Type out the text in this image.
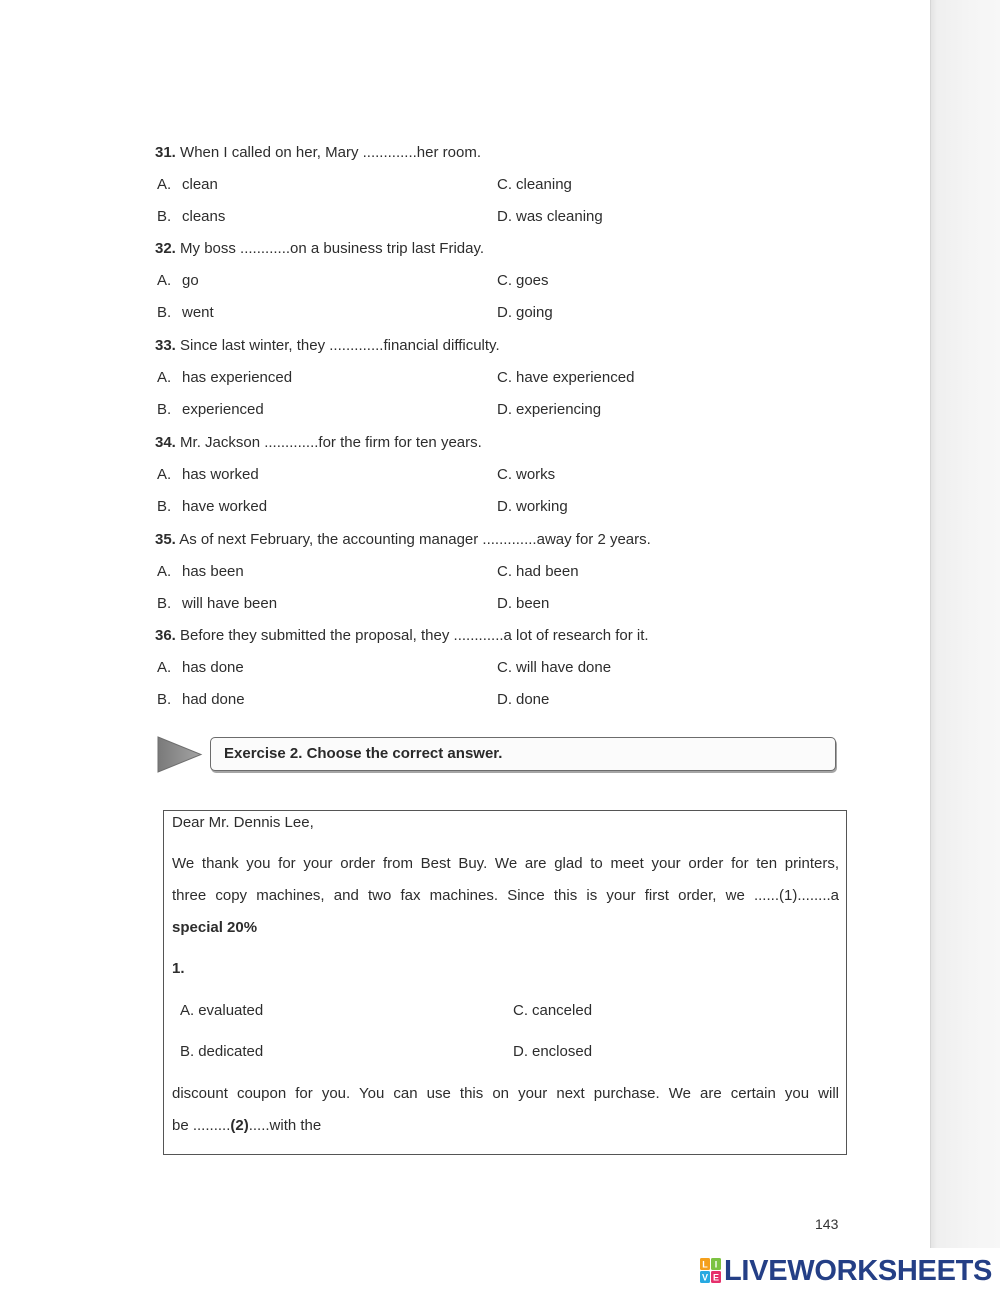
31. When I called on her, Mary .............her room.
A. clean	C. cleaning
B. cleans	D. was cleaning
32. My boss ............on a business trip last Friday.
A. go	C. goes
B. went	D. going
33. Since last winter, they .............financial difficulty.
A. has experienced	C. have experienced
B. experienced	D. experiencing
34. Mr. Jackson .............for the firm for ten years.
A. has worked	C. works
B. have worked	D. working
35. As of next February, the accounting manager .............away for 2 years.
A. has been	C. had been
B. will have been	D. been
36. Before they submitted the proposal, they ............a lot of research for it.
A. has done	C. will have done
B. had done	D. done
Exercise 2. Choose the correct answer.
Dear Mr. Dennis Lee,
We thank you for your order from Best Buy. We are glad to meet your order for ten printers,
three copy machines, and two fax machines. Since this is your first order, we ......(1)........a
special 20%
1.
A. evaluated	C. canceled
B. dedicated	D. enclosed
discount coupon for you. You can use this on your next purchase. We are certain you will
be .........(2).....with the
143
L I
V E LIVEWORKSHEETS
